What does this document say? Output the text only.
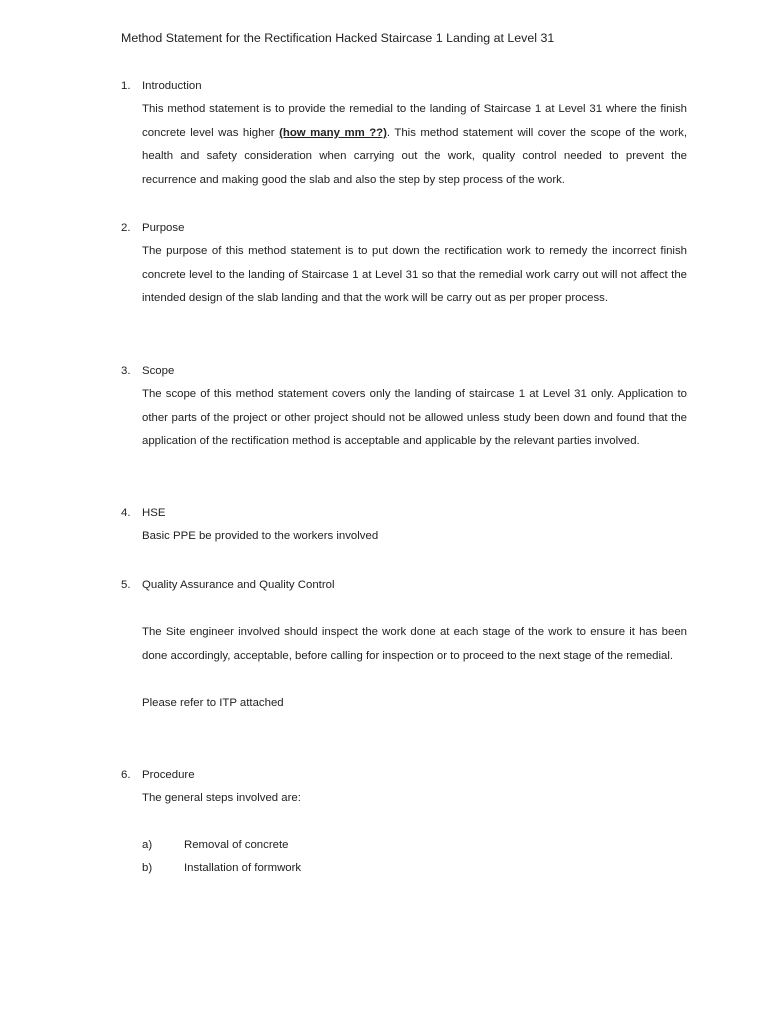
Method Statement for the Rectification Hacked Staircase 1 Landing at Level 31
1.	Introduction

This method statement is to provide the remedial to the landing of Staircase 1 at Level 31 where the finish concrete level was higher (how many mm ??). This method statement will cover the scope of the work, health and safety consideration when carrying out the work, quality control needed to prevent the recurrence and making good the slab and also the step by step process of the work.

2.	Purpose

The purpose of this method statement is to put down the rectification work to remedy the incorrect finish concrete level to the landing of Staircase 1 at Level 31 so that the remedial work carry out will not affect the intended design of the slab landing and that the work will be carry out as per proper process.

3.	Scope

The scope of this method statement covers only the landing of staircase 1 at Level 31 only. Application to other parts of the project or other project should not be allowed unless study been down and found that the application of the rectification method is acceptable and applicable by the relevant parties involved.

4.	HSE

Basic PPE be provided to the workers involved

5.	Quality Assurance and Quality Control

The Site engineer involved should inspect the work done at each stage of the work to ensure it has been done accordingly, acceptable, before calling for inspection or to proceed to the next stage of the remedial.

Please refer to ITP attached

6.	Procedure

The general steps involved are:

a)	Removal of concrete
b)	Installation of formwork
